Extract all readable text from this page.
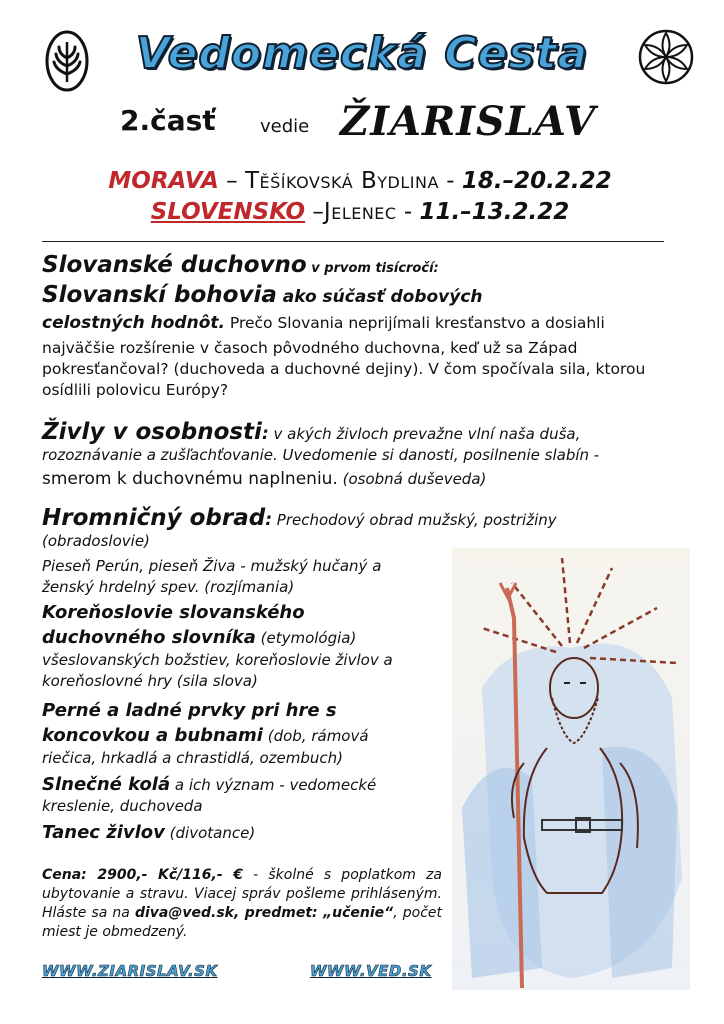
Vedomecká Cesta
2.časť vedie ŽIARISLAV
MORAVA – Těšíkovská Bydlina - 18.–20.2.22
SLOVENSKO –Jelenec - 11.–13.2.22
Slovanské duchovno v prvom tisícročí:
Slovanskí bohovia ako súčasť dobových
celostných hodnôt. Prečo Slovania neprijímali kresťanstvo a dosiahli najväčšie rozšírenie v časoch pôvodného duchovna, keď už sa Západ pokresťančoval? (duchoveda a duchovné dejiny). V čom spočívala sila, ktorou osídlili polovicu Európy?
Živly v osobnosti: v akých živloch prevažne vlní naša duša, rozoznávanie a zušľachťovanie. Uvedomenie si danosti, posilnenie slabín -
smerom k duchovnému naplneniu. (osobná duševeda)
Hromničný obrad: Prechodový obrad mužský, postrižiny
(obradoslovie)
Pieseň Perún, pieseň Živa - mužský hučaný a ženský hrdelný spev. (rozjímania)
Koreňoslovie slovanského duchovného slovníka (etymológia)
všeslovanských božstiev, koreňoslovie živlov a koreňoslovné hry (sila slova)
Perné a ladné prvky pri hre s koncovkou a bubnami (dob, rámová riečica, hrkadlá a chrastidlá, ozembuch)
Slnečné kolá a ich význam - vedomecké kreslenie, duchoveda
Tanec živlov (divotance)
Cena: 2900,- Kč/116,- € - školné s poplatkom za ubytovanie a stravu. Viacej správ pošleme prihláseným. Hláste sa na diva@ved.sk, predmet: „učenie“, počet miest je obmedzený.
WWW.ZIARISLAV.SK	WWW.VED.SK
